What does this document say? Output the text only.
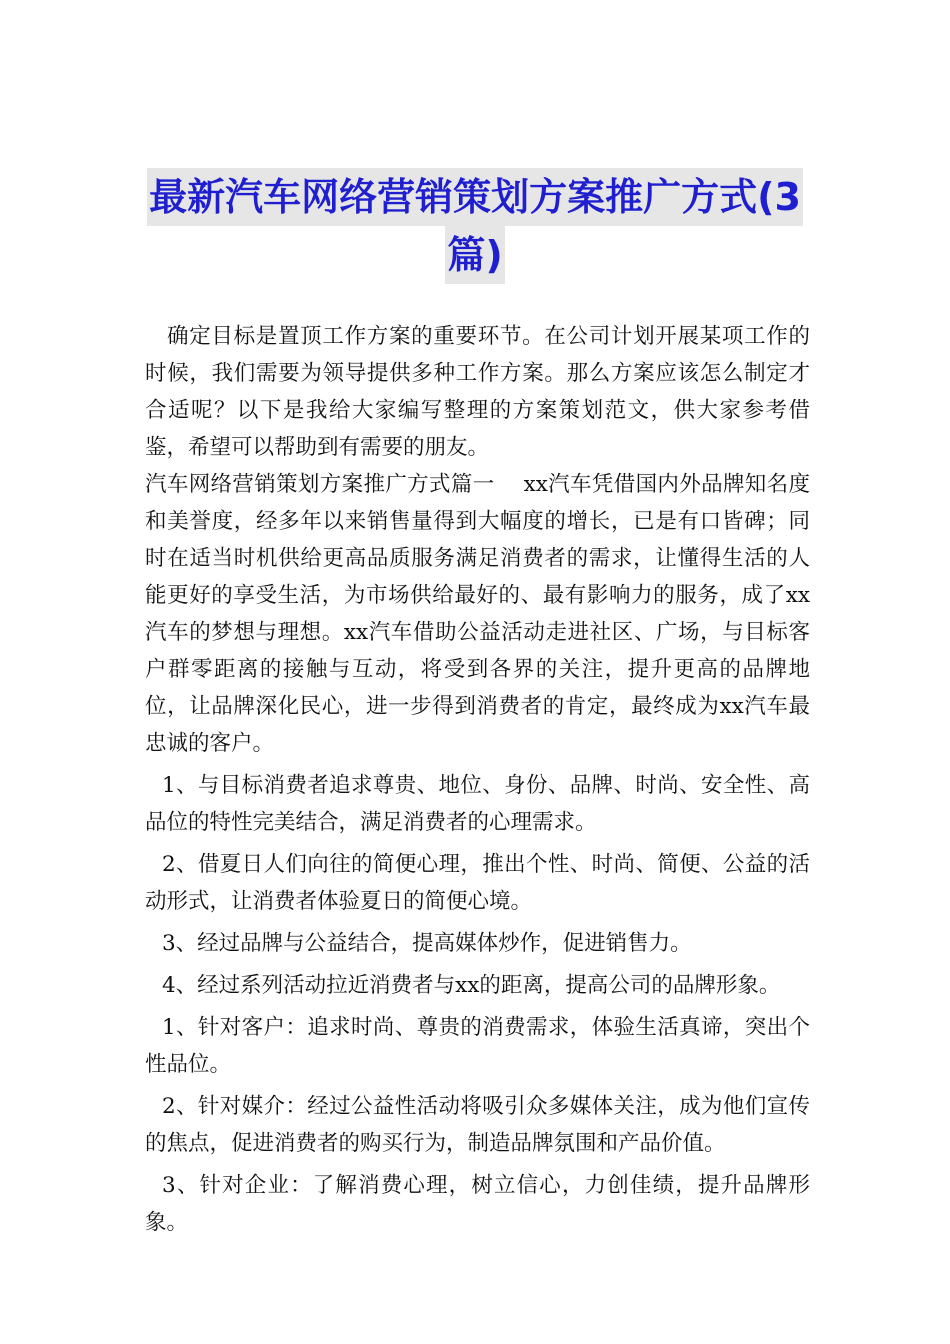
最新汽车网络营销策划方案推广方式(3
篇)

确定目标是置顶工作方案的重要环节。在公司计划开展某项工作的时候，我们需要为领导提供多种工作方案。那么方案应该怎么制定才合适呢？以下是我给大家编写整理的方案策划范文，供大家参考借鉴，希望可以帮助到有需要的朋友。

汽车网络营销策划方案推广方式篇一　 xx汽车凭借国内外品牌知名度和美誉度，经多年以来销售量得到大幅度的增长，已是有口皆碑；同时在适当时机供给更高品质服务满足消费者的需求，让懂得生活的人能更好的享受生活，为市场供给最好的、最有影响力的服务，成了xx汽车的梦想与理想。xx汽车借助公益活动走进社区、广场，与目标客户群零距离的接触与互动，将受到各界的关注，提升更高的品牌地位，让品牌深化民心，进一步得到消费者的肯定，最终成为xx汽车最忠诚的客户。

1、与目标消费者追求尊贵、地位、身份、品牌、时尚、安全性、高品位的特性完美结合，满足消费者的心理需求。

2、借夏日人们向往的简便心理，推出个性、时尚、简便、公益的活动形式，让消费者体验夏日的简便心境。

3、经过品牌与公益结合，提高媒体炒作，促进销售力。

4、经过系列活动拉近消费者与xx的距离，提高公司的品牌形象。

1、针对客户：追求时尚、尊贵的消费需求，体验生活真谛，突出个性品位。

2、针对媒介：经过公益性活动将吸引众多媒体关注，成为他们宣传的焦点，促进消费者的购买行为，制造品牌氛围和产品价值。

3、针对企业：了解消费心理，树立信心，力创佳绩，提升品牌形象。
